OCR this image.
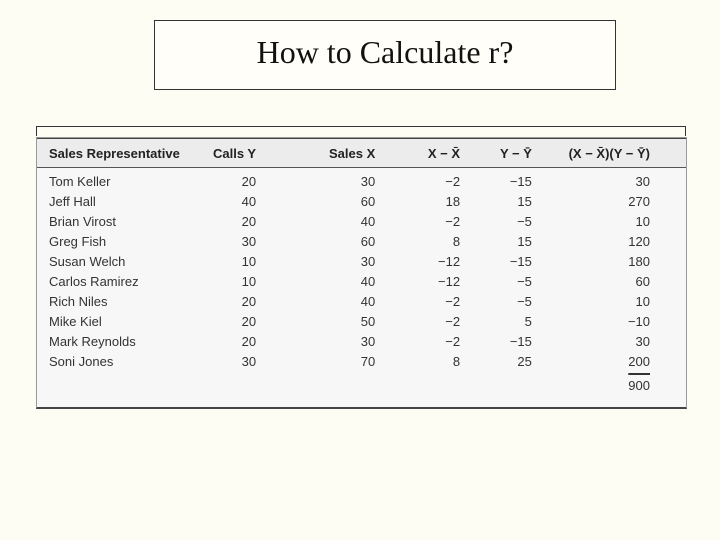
How to Calculate r?
Sales Representative	Calls Y	Sales X	X − X̄	Y − Ȳ	(X − X̄)(Y − Ȳ)
Tom Keller	20	30	−2	−15	30
Jeff Hall	40	60	18	15	270
Brian Virost	20	40	−2	−5	10
Greg Fish	30	60	8	15	120
Susan Welch	10	30	−12	−15	180
Carlos Ramirez	10	40	−12	−5	60
Rich Niles	20	40	−2	−5	10
Mike Kiel	20	50	−2	5	−10
Mark Reynolds	20	30	−2	−15	30
Soni Jones	30	70	8	25	200
					900
